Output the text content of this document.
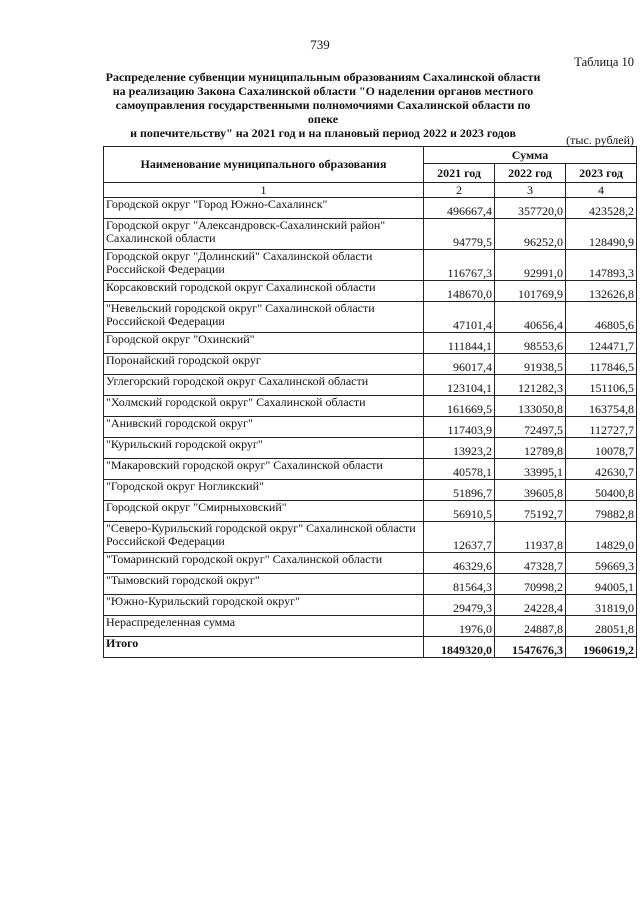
739
Таблица 10
Распределение субвенции муниципальным образованиям Сахалинской области
на реализацию Закона Сахалинской области "О наделении органов местного
самоуправления государственными полномочиями Сахалинской области по опеке
и попечительству" на 2021 год и на плановый период 2022 и 2023 годов	(тыс. рублей)
Наименование муниципального образования	Сумма		
	2021 год	2022 год	2023 год
1	2	3	4
Городской округ "Город Южно-Сахалинск"	496667,4	357720,0	423528,2
Городской округ "Александровск-Сахалинский район" Сахалинской области	94779,5	96252,0	128490,9
Городской округ "Долинский" Сахалинской области Российской Федерации	116767,3	92991,0	147893,3
Корсаковский городской округ Сахалинской области	148670,0	101769,9	132626,8
"Невельский городской округ" Сахалинской области Российской Федерации	47101,4	40656,4	46805,6
Городской округ "Охинский"	111844,1	98553,6	124471,7
Поронайский городской округ	96017,4	91938,5	117846,5
Углегорский городской округ Сахалинской области	123104,1	121282,3	151106,5
"Холмский городской округ" Сахалинской области	161669,5	133050,8	163754,8
"Анивский городской округ"	117403,9	72497,5	112727,7
"Курильский городской округ"	13923,2	12789,8	10078,7
"Макаровский городской округ" Сахалинской области	40578,1	33995,1	42630,7
"Городской округ Ногликский"	51896,7	39605,8	50400,8
Городской округ "Смирныховский"	56910,5	75192,7	79882,8
"Северо-Курильский городской округ" Сахалинской области Российской Федерации	12637,7	11937,8	14829,0
"Томаринский городской округ" Сахалинской области	46329,6	47328,7	59669,3
"Тымовский городской округ"	81564,3	70998,2	94005,1
"Южно-Курильский городской округ"	29479,3	24228,4	31819,0
Нераспределенная сумма	1976,0	24887,8	28051,8
Итого	1849320,0	1547676,3	1960619,2
